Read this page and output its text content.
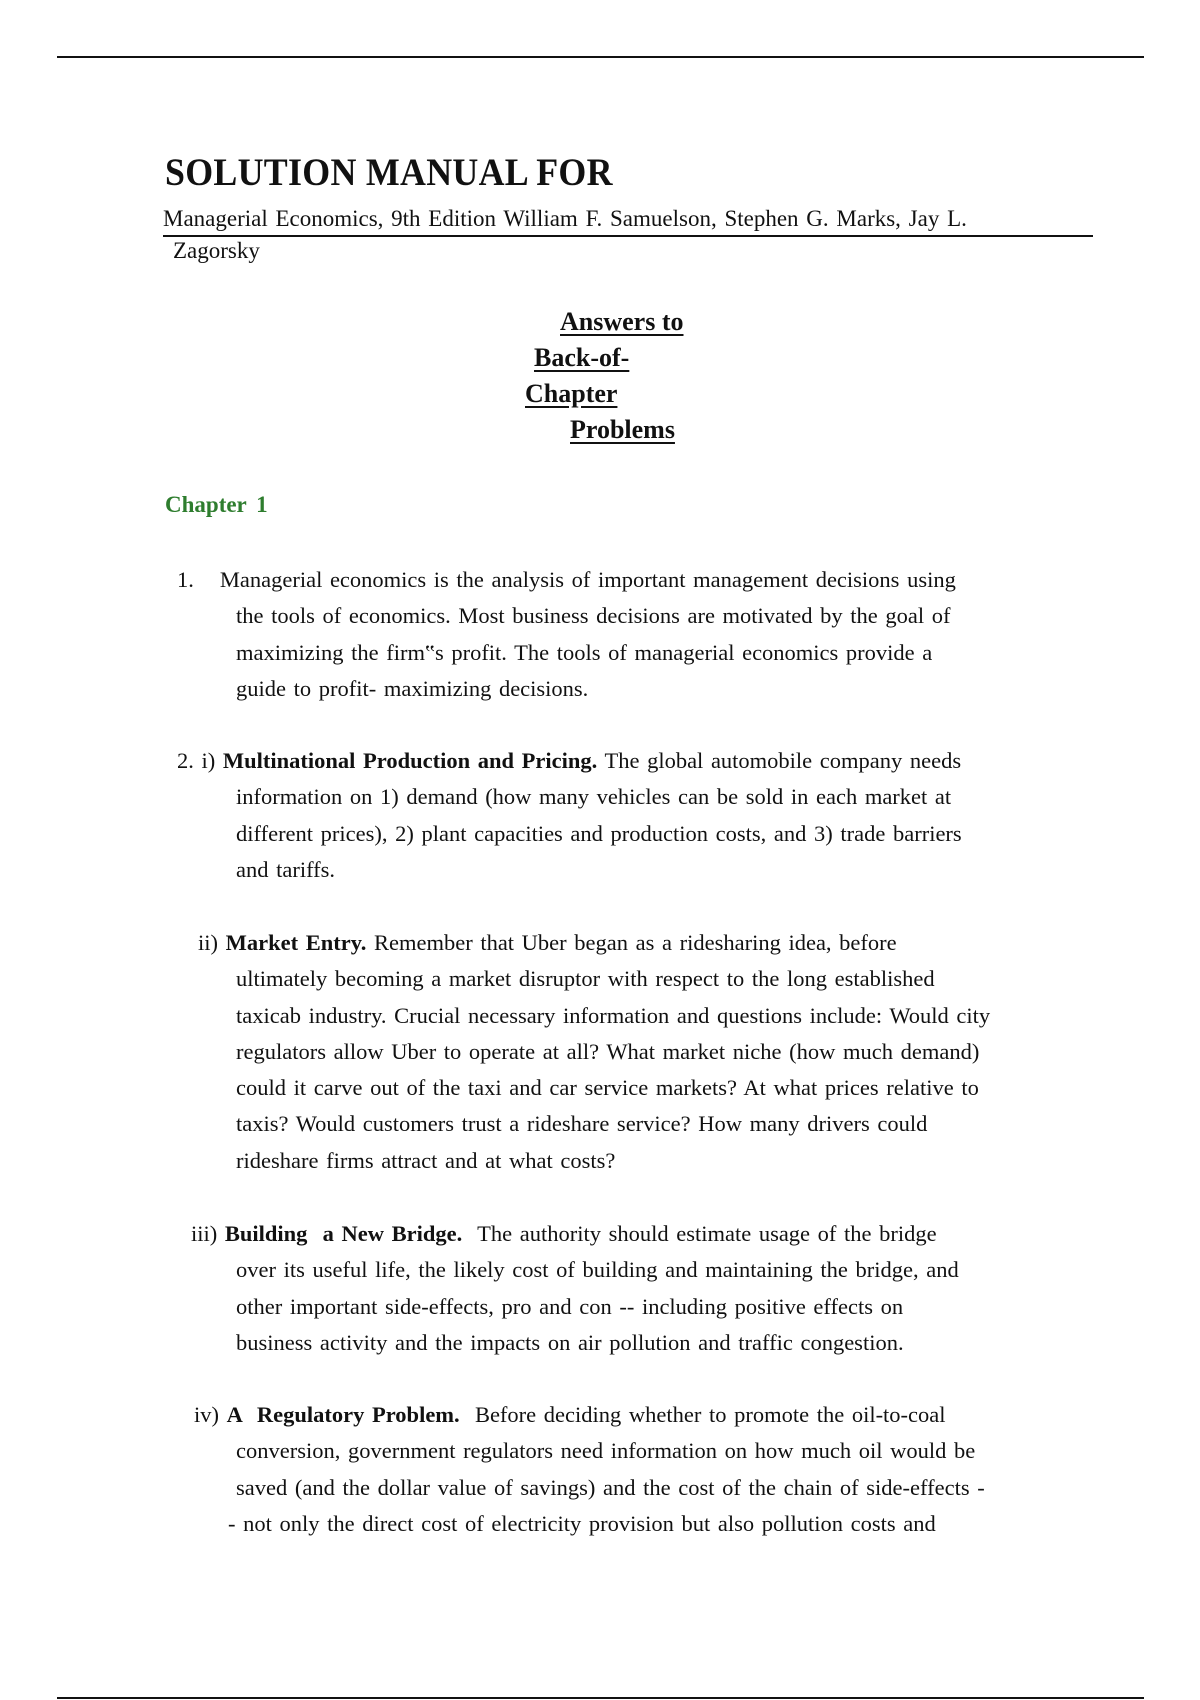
SOLUTION MANUAL FOR
Managerial Economics, 9th Edition William F. Samuelson, Stephen G. Marks, Jay L.
Zagorsky
Answers to
Back-of-
Chapter
Problems
Chapter 1
1. Managerial economics is the analysis of important management decisions using
the tools of economics. Most business decisions are motivated by the goal of
maximizing the firm‟s profit. The tools of managerial economics provide a
guide to profit- maximizing decisions.
2. i) Multinational Production and Pricing. The global automobile company needs
information on 1) demand (how many vehicles can be sold in each market at
different prices), 2) plant capacities and production costs, and 3) trade barriers
and tariffs.
ii) Market Entry. Remember that Uber began as a ridesharing idea, before
ultimately becoming a market disruptor with respect to the long established
taxicab industry. Crucial necessary information and questions include: Would city
regulators allow Uber to operate at all? What market niche (how much demand)
could it carve out of the taxi and car service markets? At what prices relative to
taxis? Would customers trust a rideshare service? How many drivers could
rideshare firms attract and at what costs?
iii) Building  a New Bridge.  The authority should estimate usage of the bridge
over its useful life, the likely cost of building and maintaining the bridge, and
other important side-effects, pro and con -- including positive effects on
business activity and the impacts on air pollution and traffic congestion.
iv) A  Regulatory Problem.  Before deciding whether to promote the oil-to-coal
conversion, government regulators need information on how much oil would be
saved (and the dollar value of savings) and the cost of the chain of side-effects -
- not only the direct cost of electricity provision but also pollution costs and
